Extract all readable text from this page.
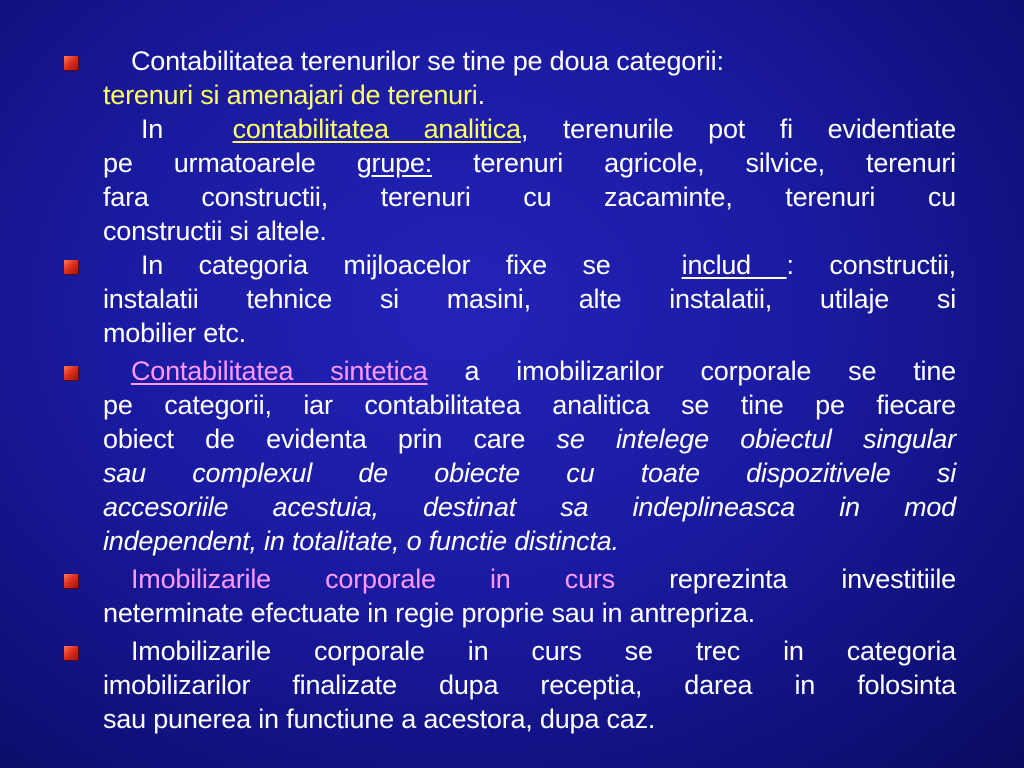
Contabilitatea terenurilor se tine pe doua categorii:
terenuri si amenajari de terenuri.
In	contabilitatea analitica, terenurile pot fi evidentiate
pe urmatoarele grupe: terenuri agricole, silvice, terenuri
fara constructii, terenuri cu zacaminte, terenuri cu
constructii si altele.
In categoria mijloacelor fixe se	includ : constructii,
instalatii tehnice si masini, alte instalatii, utilaje si
mobilier etc.
Contabilitatea sintetica a imobilizarilor corporale se tine
pe categorii, iar contabilitatea analitica se tine pe fiecare
obiect de evidenta prin care se intelege obiectul singular
sau complexul de obiecte cu toate dispozitivele si
accesoriile acestuia, destinat sa indeplineasca in mod
independent, in totalitate, o functie distincta.
Imobilizarile corporale in curs reprezinta investitiile
neterminate efectuate in regie proprie sau in antrepriza.
Imobilizarile corporale in curs se trec in categoria
imobilizarilor finalizate dupa receptia, darea in folosinta
sau punerea in functiune a acestora, dupa caz.
